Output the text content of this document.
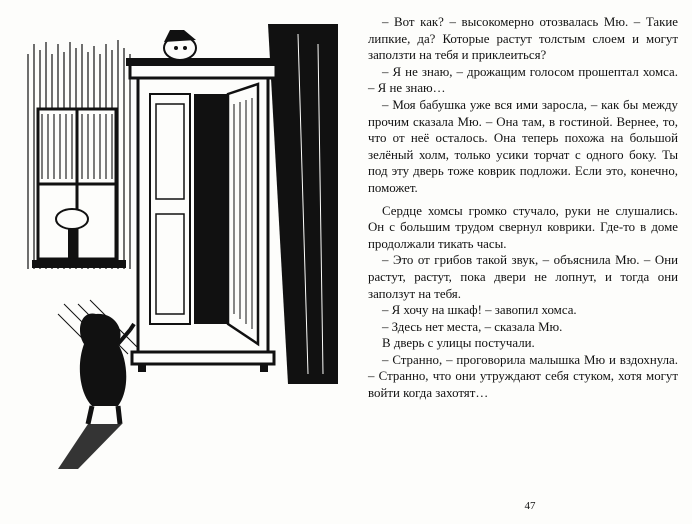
– Вот как? – высокомерно отозвалась Мю. – Такие липкие, да? Которые растут толстым слоем и могут заползти на тебя и приклеиться?

– Я не знаю, – дрожащим голосом прошептал хомса. – Я не знаю…

– Моя бабушка уже вся ими заросла, – как бы между прочим сказала Мю. – Она там, в гостиной. Вернее, то, что от неё осталось. Она теперь похожа на большой зелёный холм, только усики торчат с одного боку. Ты под эту дверь тоже коврик подложи. Если это, конечно, поможет.

Сердце хомсы громко стучало, руки не слушались. Он с большим трудом свернул коврики. Где-то в доме продолжали тикать часы.

– Это от грибов такой звук, – объяснила Мю. – Они растут, растут, пока двери не лопнут, и тогда они заползут на тебя.

– Я хочу на шкаф! – завопил хомса.

– Здесь нет места, – сказала Мю.

В дверь с улицы постучали.

– Странно, – проговорила малышка Мю и вздохнула. – Странно, что они утруждают себя стуком, хотя могут войти когда захотят…

47
